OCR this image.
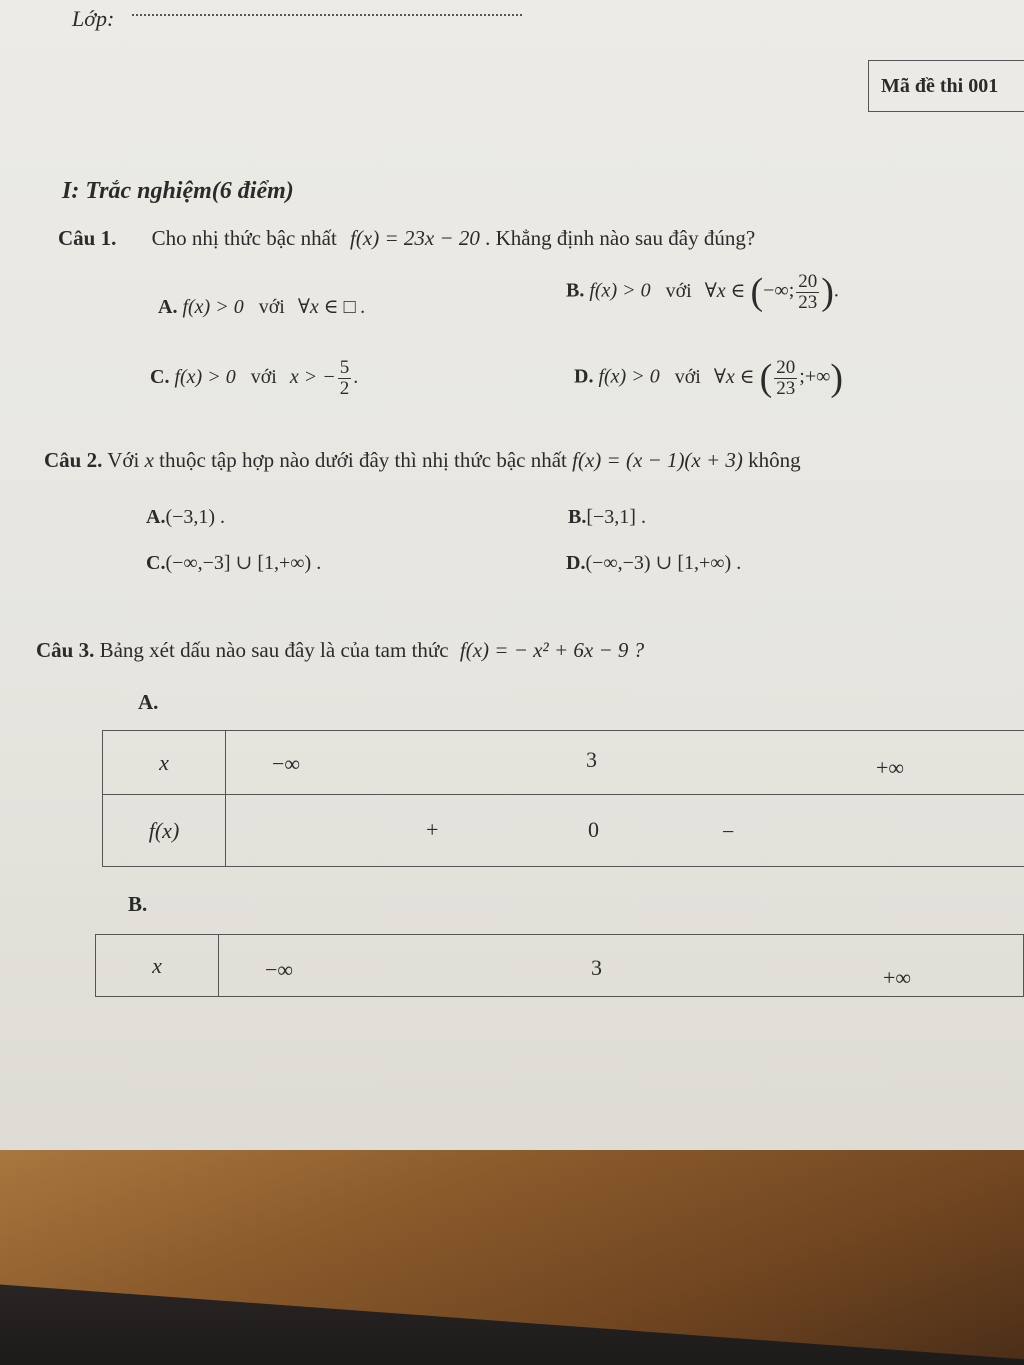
Lớp:
Mã đề thi 001
I: Trắc nghiệm(6 điểm)
Câu 1. Cho nhị thức bậc nhất f(x) = 23x − 20 . Khẳng định nào sau đây đúng?
A. f(x) > 0 với ∀x ∈ □ .
B. f(x) > 0 với ∀x ∈ (−∞; $\frac{20}{23}$ ).
C. f(x) > 0 với x > − $\frac{5}{2}$ .	D. f(x) > 0 với ∀x ∈ ( $\frac{20}{23}$ ;+∞)
Câu 2. Với x thuộc tập hợp nào dưới đây thì nhị thức bậc nhất f(x) = (x − 1)(x + 3) không
A.(−3,1) .	B.[−3,1] .
C.(−∞,−3] ∪ [1,+∞) .	D.(−∞,−3) ∪ [1,+∞) .
Câu 3. Bảng xét dấu nào sau đây là của tam thức f(x) = − x² + 6x − 9 ?
A.
x	−∞ 3 +∞

f(x)	+ 0 −
B.
x	−∞	3	+∞
